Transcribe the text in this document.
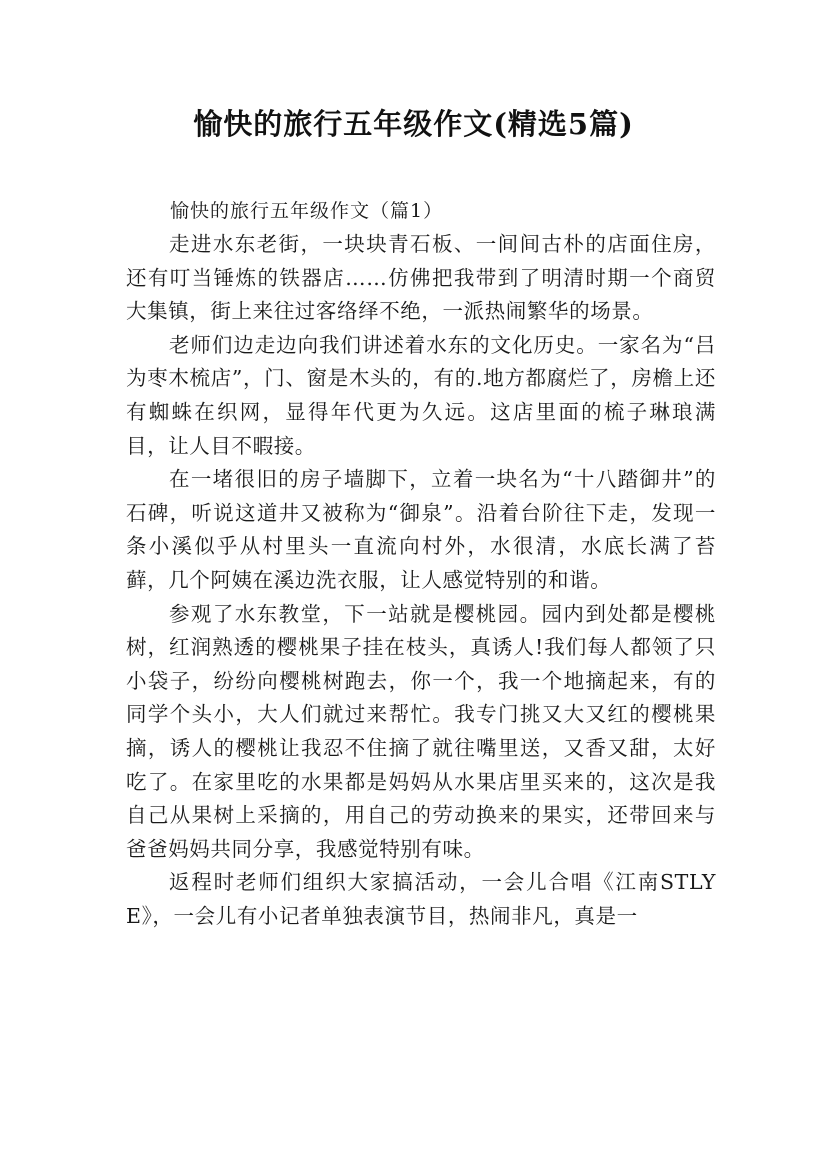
愉快的旅行五年级作文(精选5篇)
愉快的旅行五年级作文（篇1）

走进水东老街，一块块青石板、一间间古朴的店面住房，还有叮当锤炼的铁器店……仿佛把我带到了明清时期一个商贸大集镇，街上来往过客络绎不绝，一派热闹繁华的场景。

老师们边走边向我们讲述着水东的文化历史。一家名为“吕为枣木梳店”，门、窗是木头的，有的.地方都腐烂了，房檐上还有蜘蛛在织网，显得年代更为久远。这店里面的梳子琳琅满目，让人目不暇接。

在一堵很旧的房子墙脚下，立着一块名为“十八踏御井”的石碑，听说这道井又被称为“御泉”。沿着台阶往下走，发现一条小溪似乎从村里头一直流向村外，水很清，水底长满了苔藓，几个阿姨在溪边洗衣服，让人感觉特别的和谐。

参观了水东教堂，下一站就是樱桃园。园内到处都是樱桃树，红润熟透的樱桃果子挂在枝头，真诱人!我们每人都领了只小袋子，纷纷向樱桃树跑去，你一个，我一个地摘起来，有的同学个头小，大人们就过来帮忙。我专门挑又大又红的樱桃果摘，诱人的樱桃让我忍不住摘了就往嘴里送，又香又甜，太好吃了。在家里吃的水果都是妈妈从水果店里买来的，这次是我自己从果树上采摘的，用自己的劳动换来的果实，还带回来与爸爸妈妈共同分享，我感觉特别有味。

返程时老师们组织大家搞活动，一会儿合唱《江南STLYE》，一会儿有小记者单独表演节目，热闹非凡，真是一
